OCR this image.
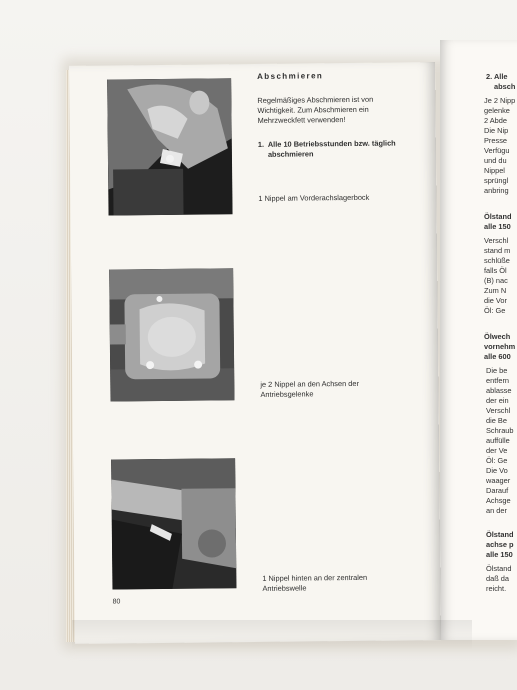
2. Alle
absch
Je 2 Nipp
gelenke
2 Abde
Die Nip
Presse
Verfügu
und du
Nippel
sprüngl
anbring
Ölstand
alle 150
Verschl
stand m
schlüße
falls Öl
(B) nac
Zum N
die Vor
Öl: Ge
Ölwech
vornehm
alle 600
Die be
entfern
ablasse
der ein
Verschl
die Be
Schraub
auffülle
der Ve
Öl: Ge
Die Vo
waager
Darauf
Achsge
an der
Ölstand
achse p
alle 150
Ölstand
daß da
reicht.
Abschmieren
Regelmäßiges Abschmieren ist von Wichtigkeit. Zum Abschmieren ein Mehrzweckfett verwenden!
1. Alle 10 Betriebsstunden bzw. täglich abschmieren
1 Nippel am Vorderachslagerbock
je 2 Nippel an den Achsen der Antriebsgelenke
1 Nippel hinten an der zentralen Antriebswelle
80
